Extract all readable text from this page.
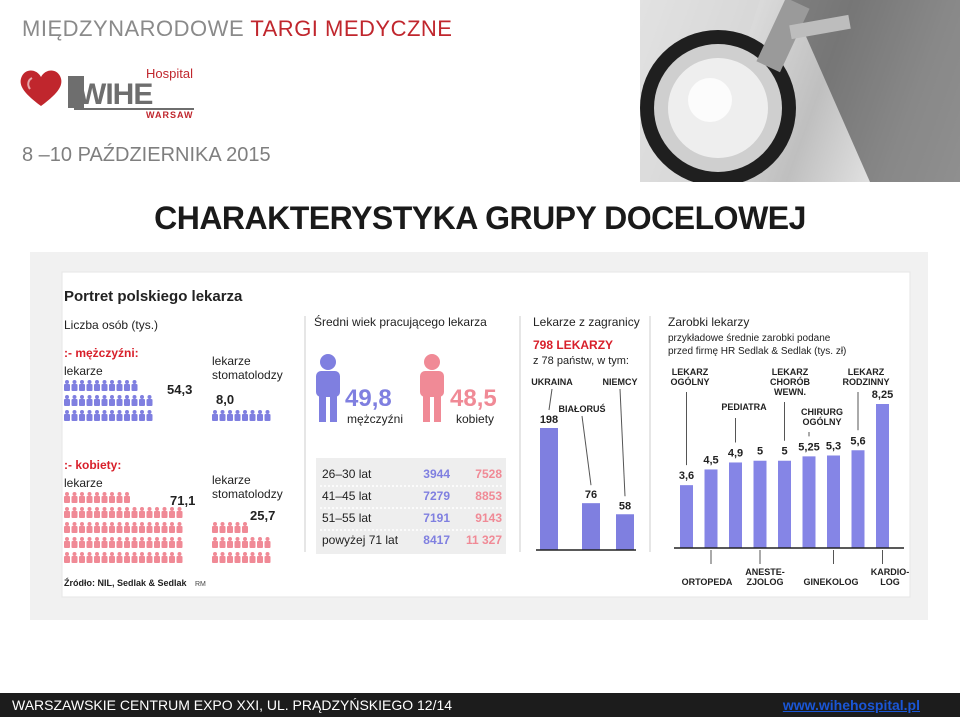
MIĘDZYNARODOWE TARGI MEDYCZNE
WIHE
Hospital
WARSAW
8 –10 PAŹDZIERNIKA 2015
CHARAKTERYSTYKA GRUPY DOCELOWEJ
Portret polskiego lekarza
Liczba osób (tys.)
:- mężczyźni:
lekarze
lekarze
stomatolodzy
54,3
8,0
:- kobiety:
lekarze	lekarze
stomatolodzy
71,1
25,7
Źródło: NIL, Sedlak & Sedlak RM
Średni wiek pracującego lekarza
49,8
mężczyźni
48,5
kobiety
26–30 lat	3944 7528
41–45 lat	7279 8853
51–55 lat	7191 9143
powyżej 71 lat 8417 11 327
Lekarze z zagranicy
798 LEKARZY
z 78 państw, w tym:
198
UKRAINA
76
BIAŁORUŚ
58
NIEMCY
Zarobki lekarzy
przykładowe średnie zarobki podane
przed firmę HR Sedlak & Sedlak (tys. zł)
3,6
4,5
4,9 5 5 5,25 5,3 5,6
8,25
LEKARZ
OGÓLNY
PEDIATRA
LEKARZ
CHORÓB
WEWN.
CHIRURG
OGÓLNY
LEKARZ
RODZINNY
ORTOPEDA
ANESTE-
ZJOLOG GINEKOLOG
KARDIO-
LOG
WARSZAWSKIE CENTRUM EXPO XXI, UL. PRĄDZYŃSKIEGO 12/14	www.wihehospital.pl
